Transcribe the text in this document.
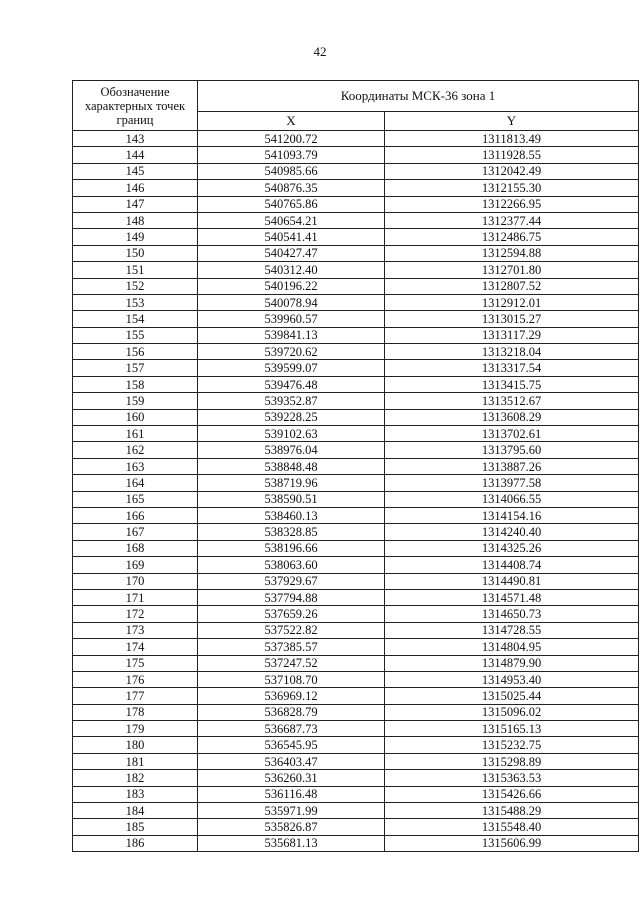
42
Обозначение характерных точек границ	Координаты МСК-36 зона 1	
	X	Y
143	541200.72	1311813.49
144	541093.79	1311928.55
145	540985.66	1312042.49
146	540876.35	1312155.30
147	540765.86	1312266.95
148	540654.21	1312377.44
149	540541.41	1312486.75
150	540427.47	1312594.88
151	540312.40	1312701.80
152	540196.22	1312807.52
153	540078.94	1312912.01
154	539960.57	1313015.27
155	539841.13	1313117.29
156	539720.62	1313218.04
157	539599.07	1313317.54
158	539476.48	1313415.75
159	539352.87	1313512.67
160	539228.25	1313608.29
161	539102.63	1313702.61
162	538976.04	1313795.60
163	538848.48	1313887.26
164	538719.96	1313977.58
165	538590.51	1314066.55
166	538460.13	1314154.16
167	538328.85	1314240.40
168	538196.66	1314325.26
169	538063.60	1314408.74
170	537929.67	1314490.81
171	537794.88	1314571.48
172	537659.26	1314650.73
173	537522.82	1314728.55
174	537385.57	1314804.95
175	537247.52	1314879.90
176	537108.70	1314953.40
177	536969.12	1315025.44
178	536828.79	1315096.02
179	536687.73	1315165.13
180	536545.95	1315232.75
181	536403.47	1315298.89
182	536260.31	1315363.53
183	536116.48	1315426.66
184	535971.99	1315488.29
185	535826.87	1315548.40
186	535681.13	1315606.99
